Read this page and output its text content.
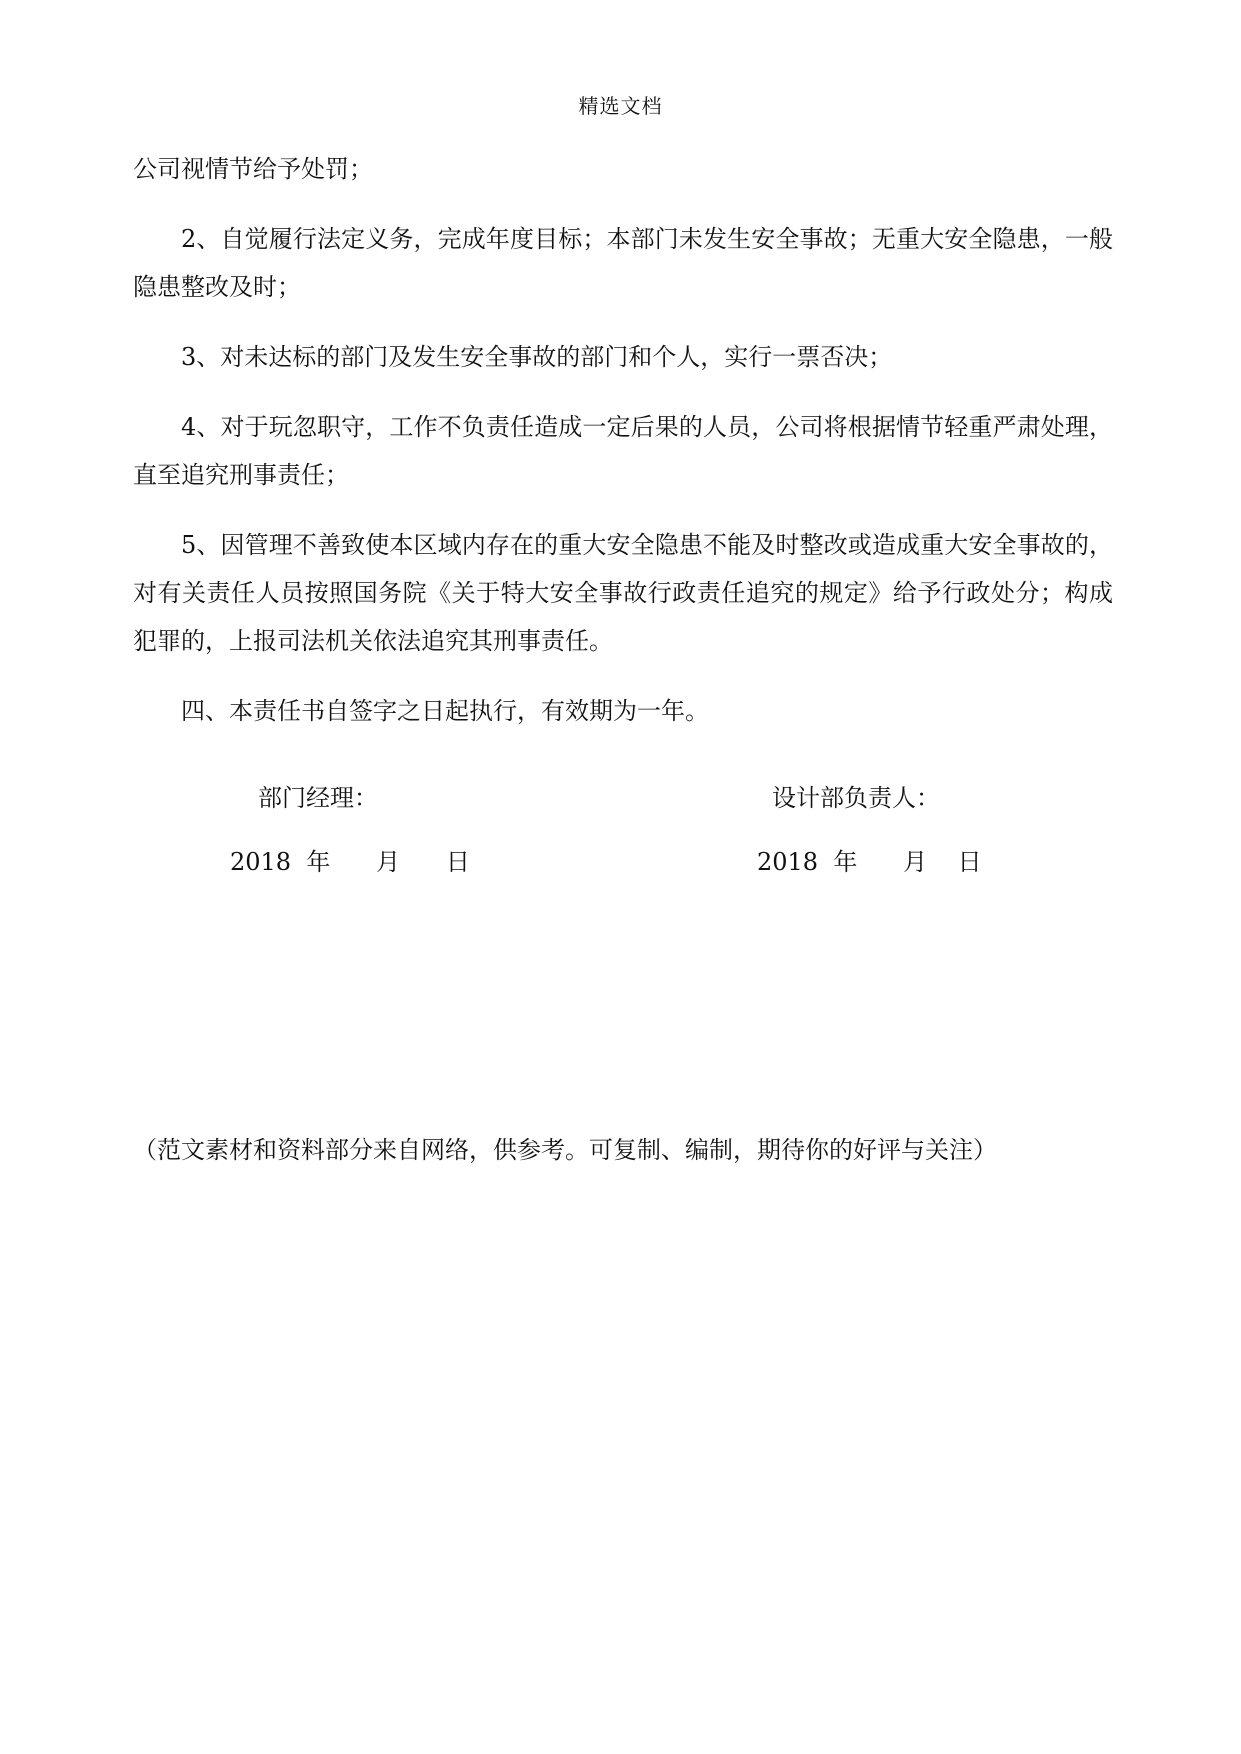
精选文档

公司视情节给予处罚；

2、自觉履行法定义务，完成年度目标；本部门未发生安全事故；无重大安全隐患，一般隐患整改及时；

3、对未达标的部门及发生安全事故的部门和个人，实行一票否决；

4、对于玩忽职守，工作不负责任造成一定后果的人员，公司将根据情节轻重严肃处理，直至追究刑事责任；

5、因管理不善致使本区域内存在的重大安全隐患不能及时整改或造成重大安全事故的，对有关责任人员按照国务院《关于特大安全事故行政责任追究的规定》给予行政处分；构成犯罪的，上报司法机关依法追究其刑事责任。

四、本责任书自签字之日起执行，有效期为一年。

部门经理：	设计部负责人：
2018  年      月      日	2018  年      月    日
（范文素材和资料部分来自网络，供参考。可复制、编制，期待你的好评与关注）
